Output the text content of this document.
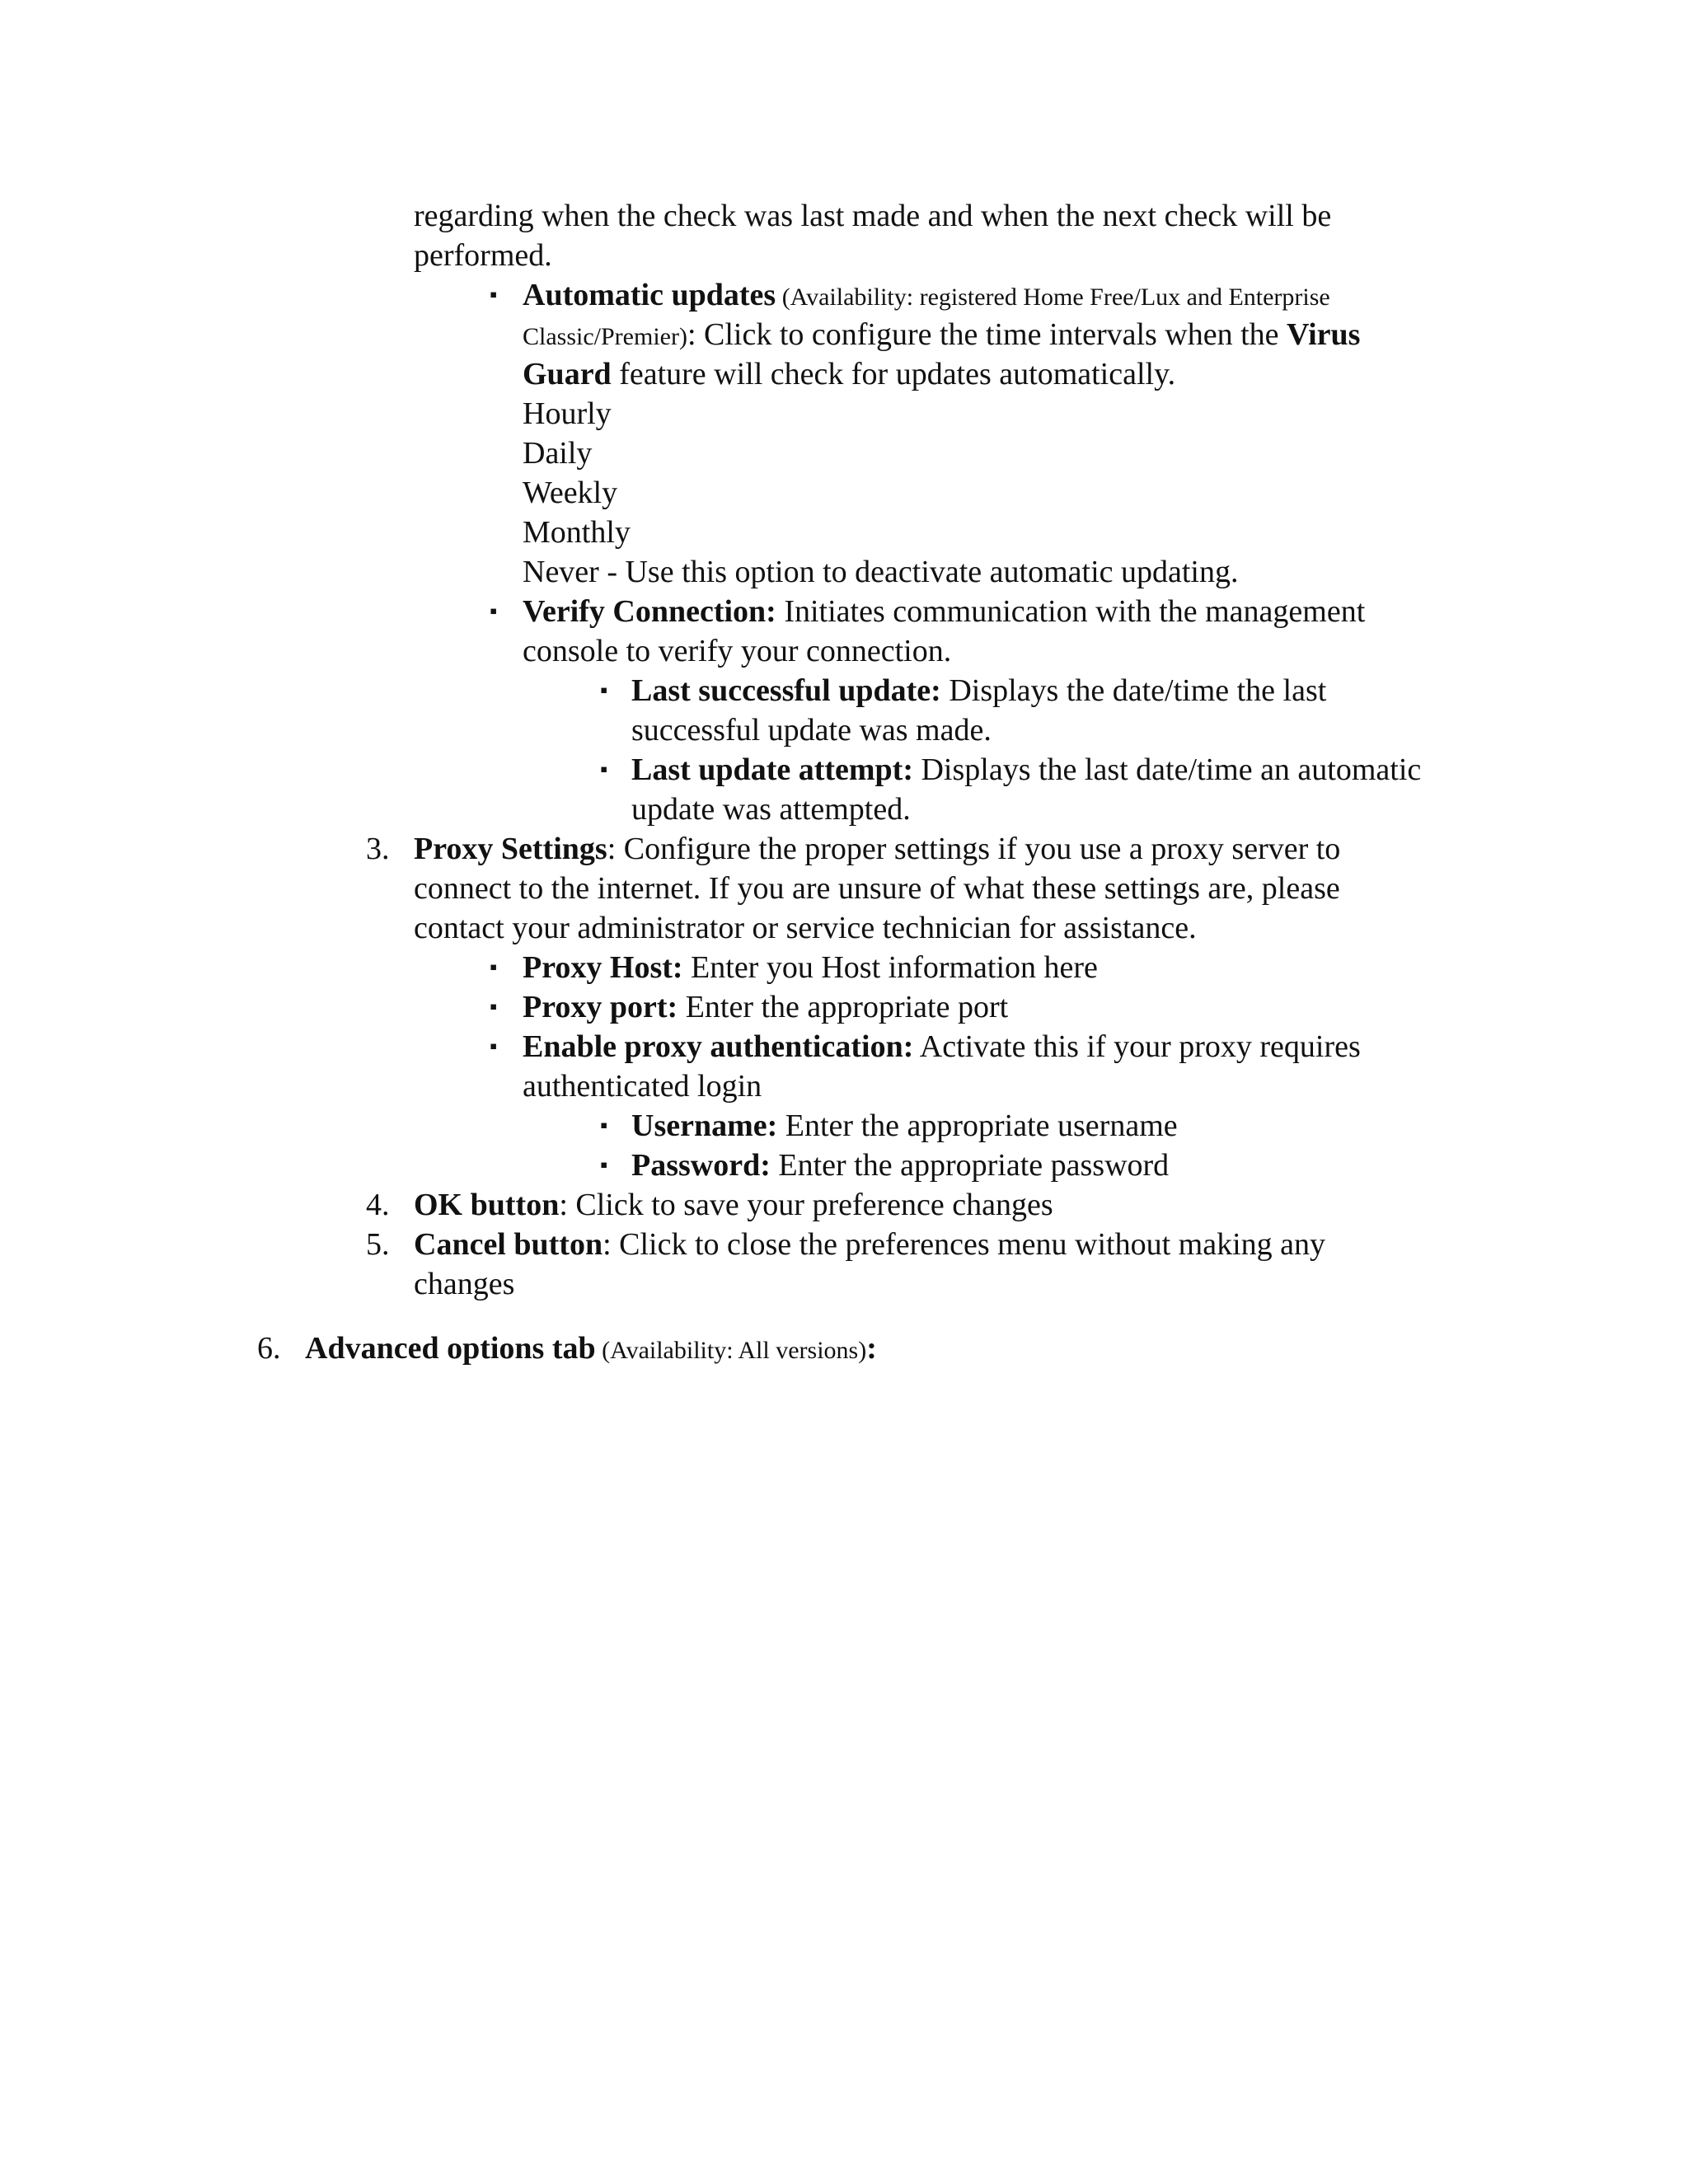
regarding when the check was last made and when the next check will be
performed.
▪ Automatic updates (Availability: registered Home Free/Lux and Enterprise
Classic/Premier): Click to configure the time intervals when the Virus
Guard feature will check for updates automatically.
Hourly
Daily
Weekly
Monthly
Never - Use this option to deactivate automatic updating.
▪ Verify Connection: Initiates communication with the management
console to verify your connection.
▪ Last successful update: Displays the date/time the last
successful update was made.
▪ Last update attempt: Displays the last date/time an automatic
update was attempted.
3. Proxy Settings: Configure the proper settings if you use a proxy server to
connect to the internet. If you are unsure of what these settings are, please
contact your administrator or service technician for assistance.
▪ Proxy Host: Enter you Host information here
▪ Proxy port: Enter the appropriate port
▪ Enable proxy authentication: Activate this if your proxy requires
authenticated login
▪ Username: Enter the appropriate username
▪ Password: Enter the appropriate password
4. OK button: Click to save your preference changes
5. Cancel button: Click to close the preferences menu without making any
changes
6. Advanced options tab (Availability: All versions):
